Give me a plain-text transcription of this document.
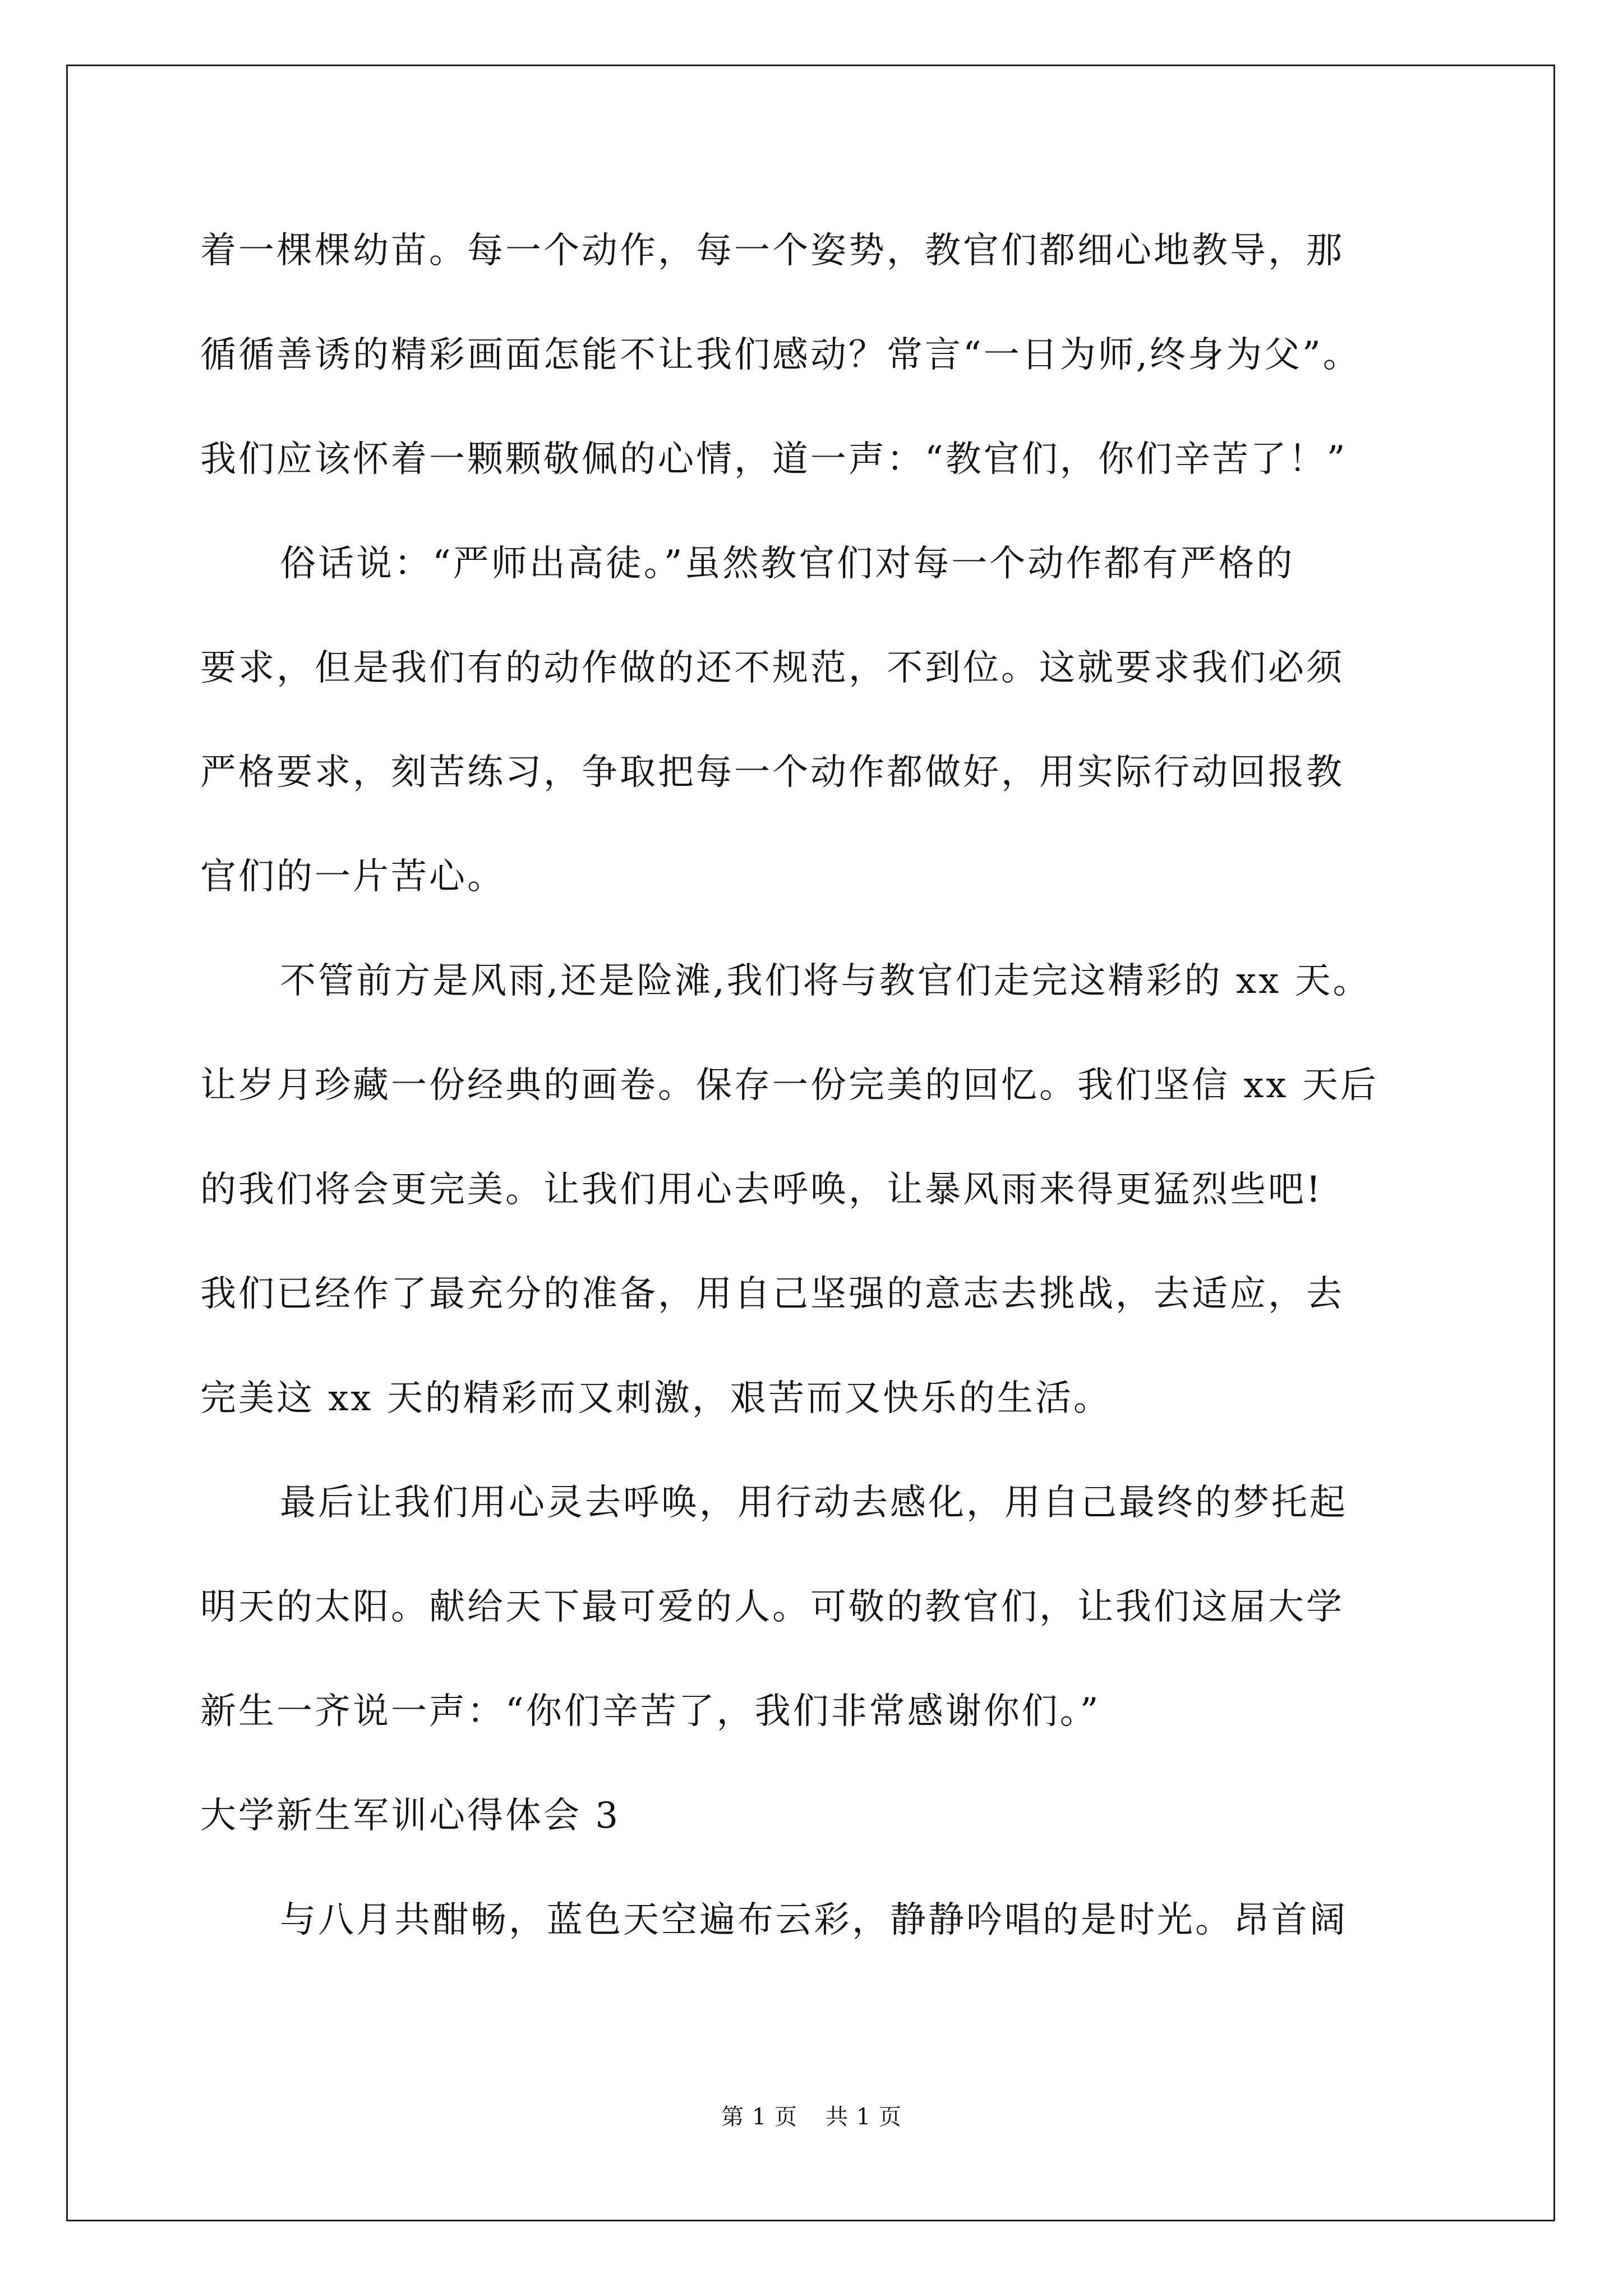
着一棵棵幼苗。每一个动作，每一个姿势，教官们都细心地教导，那
循循善诱的精彩画面怎能不让我们感动？常言“一日为师,终身为父”。
我们应该怀着一颗颗敬佩的心情，道一声：“教官们，你们辛苦了！”
俗话说：“严师出高徒。”虽然教官们对每一个动作都有严格的
要求，但是我们有的动作做的还不规范，不到位。这就要求我们必须
严格要求，刻苦练习，争取把每一个动作都做好，用实际行动回报教
官们的一片苦心。
不管前方是风雨,还是险滩,我们将与教官们走完这精彩的 xx 天。
让岁月珍藏一份经典的画卷。保存一份完美的回忆。我们坚信 xx 天后
的我们将会更完美。让我们用心去呼唤，让暴风雨来得更猛烈些吧!
我们已经作了最充分的准备，用自己坚强的意志去挑战，去适应，去
完美这 xx 天的精彩而又刺激，艰苦而又快乐的生活。
最后让我们用心灵去呼唤，用行动去感化，用自己最终的梦托起
明天的太阳。献给天下最可爱的人。可敬的教官们，让我们这届大学
新生一齐说一声：“你们辛苦了，我们非常感谢你们。”
大学新生军训心得体会 3
与八月共酣畅，蓝色天空遍布云彩，静静吟唱的是时光。昂首阔
第 1 页 共 1 页
